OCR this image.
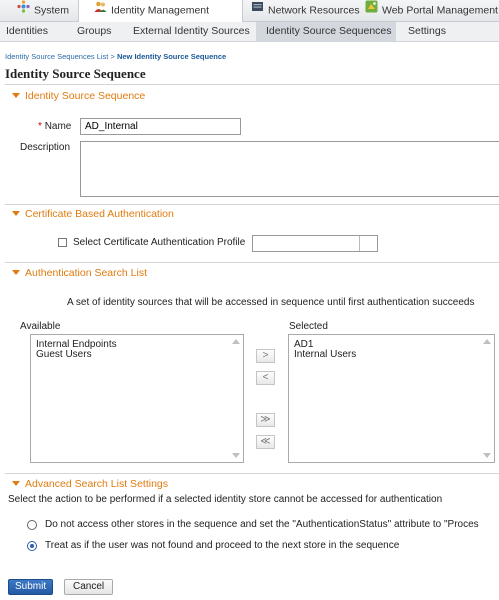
System	Identity Management	Network Resources	Web Portal Management
Identities	Groups External Identity Sources	Identity Source Sequences	Settings
Identity Source Sequences List > New Identity Source Sequence
Identity Source Sequence
Identity Source Sequence
* Name
AD_Internal
Description
Certificate Based Authentication
Select Certificate Authentication Profile
Authentication Search List
A set of identity sources that will be accessed in sequence until first authentication succeeds
Available	Selected
Internal Endpoints
Guest Users	>
<
≫
≪
AD1
Internal Users
Advanced Search List Settings
Select the action to be performed if a selected identity store cannot be accessed for authentication
Do not access other stores in the sequence and set the "AuthenticationStatus" attribute to "Proces
Treat as if the user was not found and proceed to the next store in the sequence
Submit	Cancel
